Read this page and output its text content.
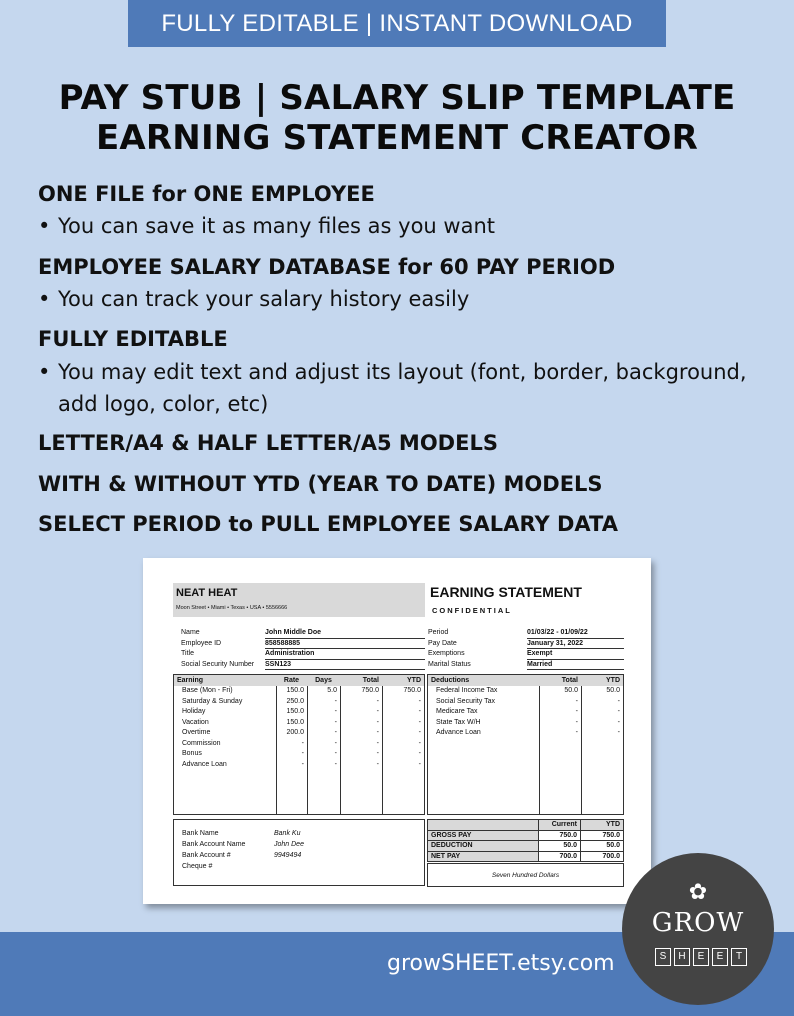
FULLY EDITABLE | INSTANT DOWNLOAD
PAY STUB | SALARY SLIP TEMPLATE
EARNING STATEMENT CREATOR
ONE FILE for ONE EMPLOYEE
• You can save it as many files as you want
EMPLOYEE SALARY DATABASE for 60 PAY PERIOD
• You can track your salary history easily
FULLY EDITABLE
• You may edit text and adjust its layout (font, border, background,
add logo, color, etc)
LETTER/A4 & HALF LETTER/A5 MODELS
WITH & WITHOUT YTD (YEAR TO DATE) MODELS
SELECT PERIOD to PULL EMPLOYEE SALARY DATA
NEAT HEAT
Moon Street • Miami • Texas • USA • 5556666
EARNING STATEMENT
CONFIDENTIAL
Name	John Middle Doe
Employee ID	858588885
Title	Administration
Social Security Number	SSN123
Period	01/03/22 - 01/09/22
Pay Date	January 31, 2022
Exemptions	Exempt
Marital Status	Married
Earning	Rate	Days	Total	YTD
Base (Mon - Fri)	150.0	5.0	750.0	750.0
Saturday & Sunday	250.0	-	-	-
Holiday	150.0	-	-	-
Vacation	150.0	-	-	-
Overtime	200.0	-	-	-
Commission	-	-	-	-
Bonus	-	-	-	-
Advance Loan	-	-	-	-
Deductions	Total	YTD
Federal Income Tax	50.0	50.0
Social Security Tax	-	-
Medicare Tax	-	-
State Tax W/H	-	-
Advance Loan	-	-
Bank Name	Bank Ku
Bank Account Name	John Dee
Bank Account #	9949494
Cheque #
	Current	YTD
GROSS PAY	750.0	750.0
DEDUCTION	50.0	50.0
NET PAY	700.0	700.0
Seven Hundred Dollars
growSHEET.etsy.com
✿
GROW
S	H	E	E	T
